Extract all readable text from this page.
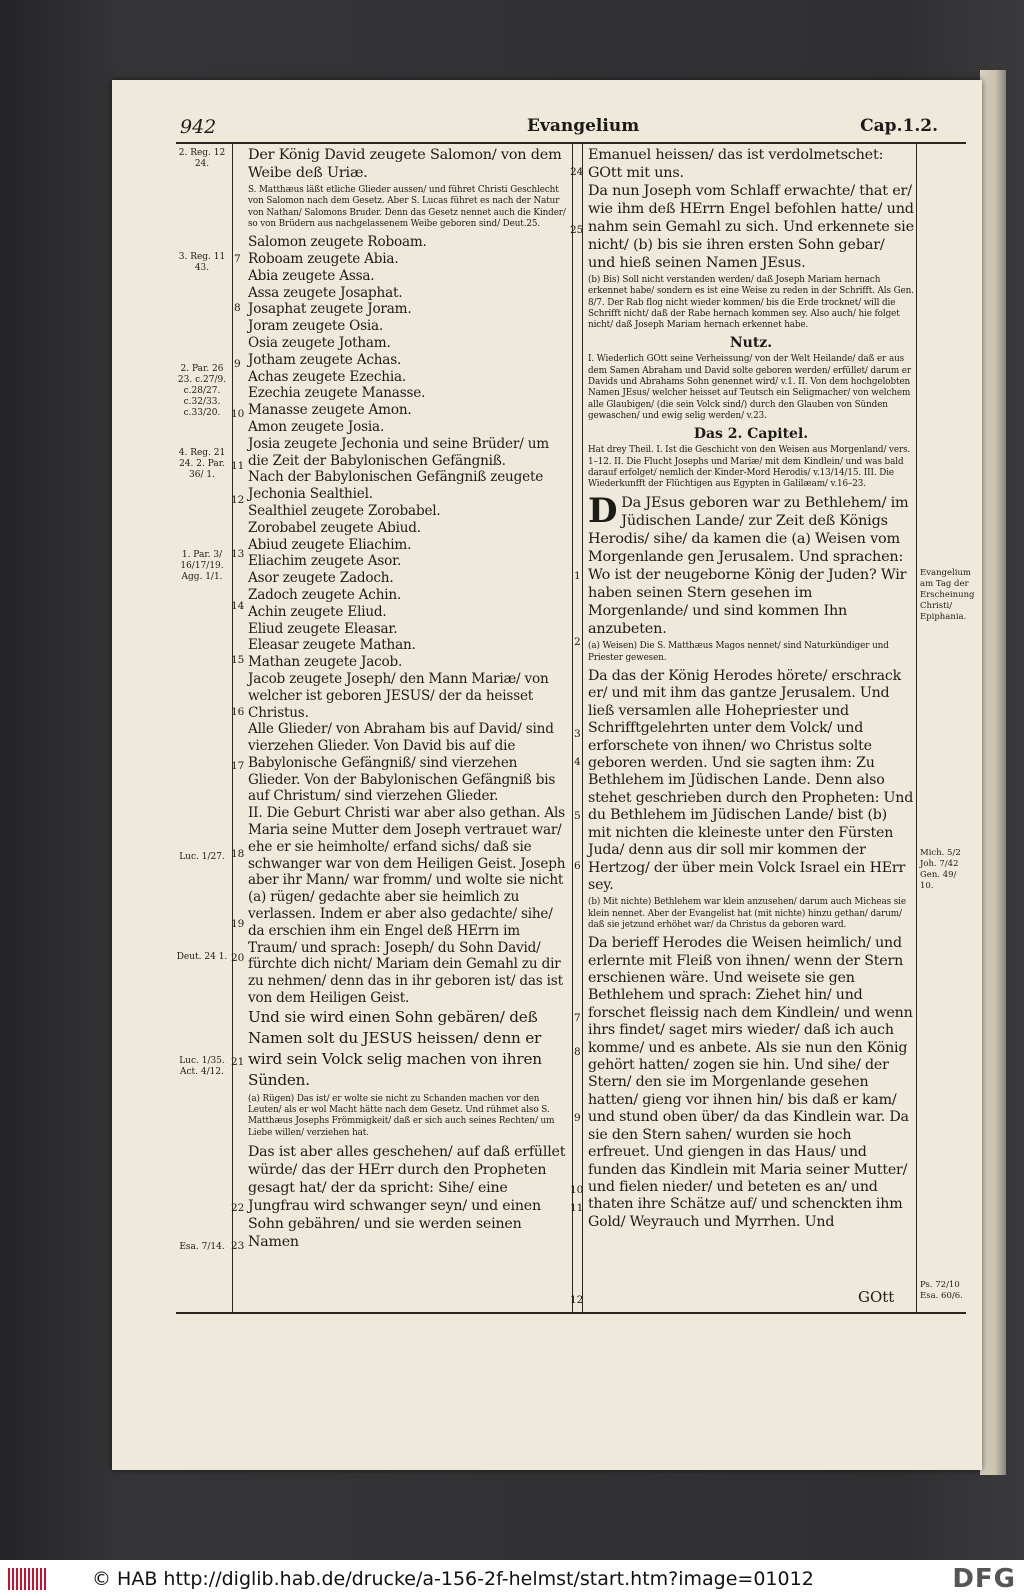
942	Evangelium	Cap.1.2.
2. Reg. 12 24.
3. Reg. 11 43.
2. Par. 26 23. c.27/9. c.28/27. c.32/33. c.33/20.
4. Reg. 21 24. 2. Par. 36/ 1.
1. Par. 3/ 16/17/19. Agg. 1/1.
Luc. 1/27.
Deut. 24 1.
Luc. 1/35. Act. 4/12.
Esa. 7/14.
7
8
9
10
11
12
13
14
15
16
17
18
19
20
21
22
23
24
25
1
2
3
4
5
6
7
8
9
10
11
12
Der König David zeugete Salomon/ von dem Weibe deß Uriæ.
S. Matthæus läßt etliche Glieder aussen/ und führet Christi Geschlecht von Salomon nach dem Gesetz. Aber S. Lucas führet es nach der Natur von Nathan/ Salomons Bruder. Denn das Gesetz nennet auch die Kinder/ so von Brüdern aus nachgelassenem Weibe geboren sind/ Deut.25.
Salomon zeugete Roboam.
Roboam zeugete Abia.
Abia zeugete Assa.
Assa zeugete Josaphat.
Josaphat zeugete Joram.
Joram zeugete Osia.
Osia zeugete Jotham.
Jotham zeugete Achas.
Achas zeugete Ezechia.
Ezechia zeugete Manasse.
Manasse zeugete Amon.
Amon zeugete Josia.
Josia zeugete Jechonia und seine Brüder/ um die Zeit der Babylonischen Gefängniß.
Nach der Babylonischen Gefängniß zeugete Jechonia Sealthiel.
Sealthiel zeugete Zorobabel.
Zorobabel zeugete Abiud.
Abiud zeugete Eliachim.
Eliachim zeugete Asor.
Asor zeugete Zadoch.
Zadoch zeugete Achin.
Achin zeugete Eliud.
Eliud zeugete Eleasar.
Eleasar zeugete Mathan.
Mathan zeugete Jacob.
Jacob zeugete Joseph/ den Mann Mariæ/ von welcher ist geboren JESUS/ der da heisset Christus.
Alle Glieder/ von Abraham bis auf David/ sind vierzehen Glieder. Von David bis auf die Babylonische Gefängniß/ sind vierzehen Glieder. Von der Babylonischen Gefängniß bis auf Christum/ sind vierzehen Glieder.
II. Die Geburt Christi war aber also gethan. Als Maria seine Mutter dem Joseph vertrauet war/ ehe er sie heimholte/ erfand sichs/ daß sie schwanger war von dem Heiligen Geist. Joseph aber ihr Mann/ war fromm/ und wolte sie nicht (a) rügen/ gedachte aber sie heimlich zu verlassen. Indem er aber also gedachte/ sihe/ da erschien ihm ein Engel deß HErrn im Traum/ und sprach: Joseph/ du Sohn David/ fürchte dich nicht/ Mariam dein Gemahl zu dir zu nehmen/ denn das in ihr geboren ist/ das ist von dem Heiligen Geist.
Und sie wird einen Sohn gebären/ deß Namen solt du JESUS heissen/ denn er wird sein Volck selig machen von ihren Sünden.
(a) Rügen) Das ist/ er wolte sie nicht zu Schanden machen vor den Leuten/ als er wol Macht hätte nach dem Gesetz. Und rühmet also S. Matthæus Josephs Frömmigkeit/ daß er sich auch seines Rechten/ um Liebe willen/ verziehen hat.
Das ist aber alles geschehen/ auf daß erfüllet würde/ das der HErr durch den Propheten gesagt hat/ der da spricht: Sihe/ eine Jungfrau wird schwanger seyn/ und einen Sohn gebähren/ und sie werden seinen Namen
Emanuel heissen/ das ist verdolmetschet: GOtt mit uns.
Da nun Joseph vom Schlaff erwachte/ that er/ wie ihm deß HErrn Engel befohlen hatte/ und nahm sein Gemahl zu sich. Und erkennete sie nicht/ (b) bis sie ihren ersten Sohn gebar/ und hieß seinen Namen JEsus.
(b) Bis) Soll nicht verstanden werden/ daß Joseph Mariam hernach erkennet habe/ sondern es ist eine Weise zu reden in der Schrifft. Als Gen. 8/7. Der Rab flog nicht wieder kommen/ bis die Erde trocknet/ will die Schrifft nicht/ daß der Rabe hernach kommen sey. Also auch/ hie folget nicht/ daß Joseph Mariam hernach erkennet habe.
Nutz.
I. Wiederlich GOtt seine Verheissung/ von der Welt Heilande/ daß er aus dem Samen Abraham und David solte geboren werden/ erfüllet/ darum er Davids und Abrahams Sohn genennet wird/ v.1. II. Von dem hochgelobten Namen JEsus/ welcher heisset auf Teutsch ein Seligmacher/ von welchem alle Glaubigen/ (die sein Volck sind/) durch den Glauben von Sünden gewaschen/ und ewig selig werden/ v.23.
Das 2. Capitel.
Hat drey Theil. I. Ist die Geschicht von den Weisen aus Morgenland/ vers. 1–12. II. Die Flucht Josephs und Mariæ/ mit dem Kindlein/ und was bald darauf erfolget/ nemlich der Kinder-Mord Herodis/ v.13/14/15. III. Die Wiederkunfft der Flüchtigen aus Egypten in Galilæam/ v.16–23.
D Da JEsus geboren war zu Bethlehem/ im Jüdischen Lande/ zur Zeit deß Königs Herodis/ sihe/ da kamen die (a) Weisen vom Morgenlande gen Jerusalem. Und sprachen: Wo ist der neugeborne König der Juden? Wir haben seinen Stern gesehen im Morgenlande/ und sind kommen Ihn anzubeten.
(a) Weisen) Die S. Matthæus Magos nennet/ sind Naturkündiger und Priester gewesen.
Da das der König Herodes hörete/ erschrack er/ und mit ihm das gantze Jerusalem. Und ließ versamlen alle Hohepriester und Schrifftgelehrten unter dem Volck/ und erforschete von ihnen/ wo Christus solte geboren werden. Und sie sagten ihm: Zu Bethlehem im Jüdischen Lande. Denn also stehet geschrieben durch den Propheten: Und du Bethlehem im Jüdischen Lande/ bist (b) mit nichten die kleineste unter den Fürsten Juda/ denn aus dir soll mir kommen der Hertzog/ der über mein Volck Israel ein HErr sey.
(b) Mit nichte) Bethlehem war klein anzusehen/ darum auch Micheas sie klein nennet. Aber der Evangelist hat (mit nichte) hinzu gethan/ darum/ daß sie jetzund erhöhet war/ da Christus da geboren ward.
Da berieff Herodes die Weisen heimlich/ und erlernte mit Fleiß von ihnen/ wenn der Stern erschienen wäre. Und weisete sie gen Bethlehem und sprach: Ziehet hin/ und forschet fleissig nach dem Kindlein/ und wenn ihrs findet/ saget mirs wieder/ daß ich auch komme/ und es anbete. Als sie nun den König gehört hatten/ zogen sie hin. Und sihe/ der Stern/ den sie im Morgenlande gesehen hatten/ gieng vor ihnen hin/ bis daß er kam/ und stund oben über/ da das Kindlein war. Da sie den Stern sahen/ wurden sie hoch erfreuet. Und giengen in das Haus/ und funden das Kindlein mit Maria seiner Mutter/ und fielen nieder/ und beteten es an/ und thaten ihre Schätze auf/ und schenckten ihm Gold/ Weyrauch und Myrrhen. Und
Evangelium am Tag der Erscheinung Christi/ Epiphania.
Mich. 5/2 Joh. 7/42 Gen. 49/ 10.
Ps. 72/10 Esa. 60/6.
GOtt
© HAB http://diglib.hab.de/drucke/a-156-2f-helmst/start.htm?image=01012	DFG
